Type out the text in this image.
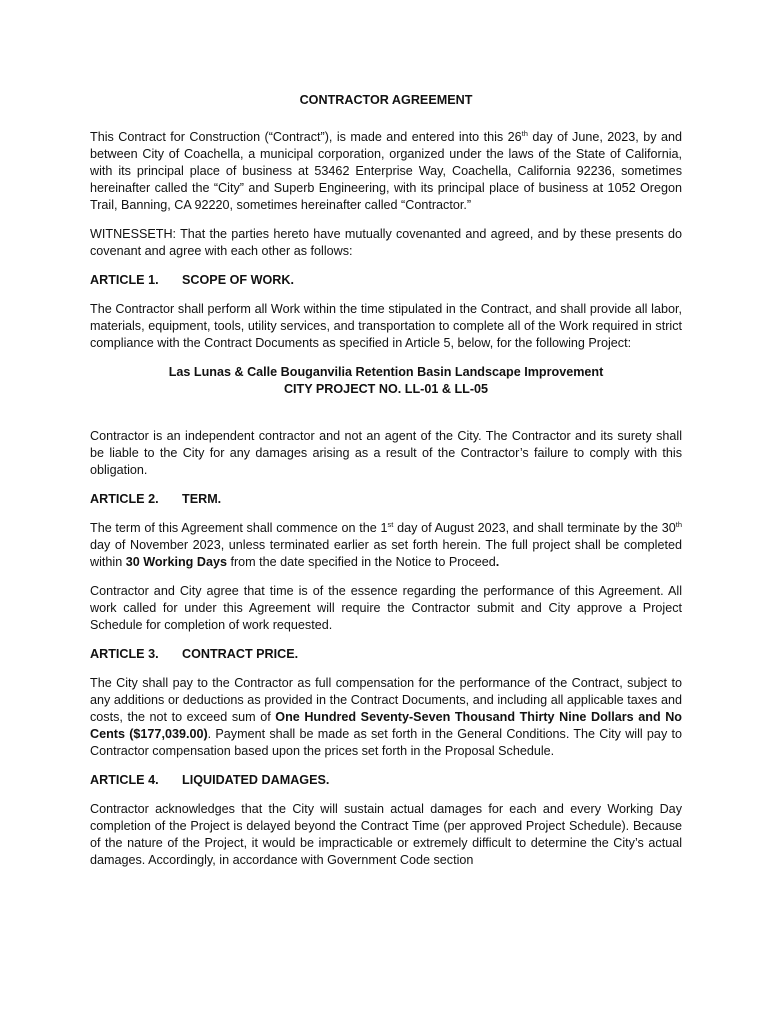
CONTRACTOR AGREEMENT

This Contract for Construction (“Contract”), is made and entered into this 26th day of June, 2023, by and between City of Coachella, a municipal corporation, organized under the laws of the State of California, with its principal place of business at 53462 Enterprise Way, Coachella, California 92236, sometimes hereinafter called the “City” and Superb Engineering, with its principal place of business at 1052 Oregon Trail, Banning, CA 92220, sometimes hereinafter called “Contractor.”

WITNESSETH: That the parties hereto have mutually covenanted and agreed, and by these presents do covenant and agree with each other as follows:

ARTICLE 1. SCOPE OF WORK.

The Contractor shall perform all Work within the time stipulated in the Contract, and shall provide all labor, materials, equipment, tools, utility services, and transportation to complete all of the Work required in strict compliance with the Contract Documents as specified in Article 5, below, for the following Project:

Las Lunas & Calle Bouganvilia Retention Basin Landscape Improvement
CITY PROJECT NO. LL-01 & LL-05

Contractor is an independent contractor and not an agent of the City. The Contractor and its surety shall be liable to the City for any damages arising as a result of the Contractor’s failure to comply with this obligation.

ARTICLE 2. TERM.

The term of this Agreement shall commence on the 1st day of August 2023, and shall terminate by the 30th day of November 2023, unless terminated earlier as set forth herein. The full project shall be completed within 30 Working Days from the date specified in the Notice to Proceed.

Contractor and City agree that time is of the essence regarding the performance of this Agreement. All work called for under this Agreement will require the Contractor submit and City approve a Project Schedule for completion of work requested.

ARTICLE 3. CONTRACT PRICE.

The City shall pay to the Contractor as full compensation for the performance of the Contract, subject to any additions or deductions as provided in the Contract Documents, and including all applicable taxes and costs, the not to exceed sum of One Hundred Seventy-Seven Thousand Thirty Nine Dollars and No Cents ($177,039.00). Payment shall be made as set forth in the General Conditions. The City will pay to Contractor compensation based upon the prices set forth in the Proposal Schedule.

ARTICLE 4. LIQUIDATED DAMAGES.

Contractor acknowledges that the City will sustain actual damages for each and every Working Day completion of the Project is delayed beyond the Contract Time (per approved Project Schedule). Because of the nature of the Project, it would be impracticable or extremely difficult to determine the City’s actual damages. Accordingly, in accordance with Government Code section
